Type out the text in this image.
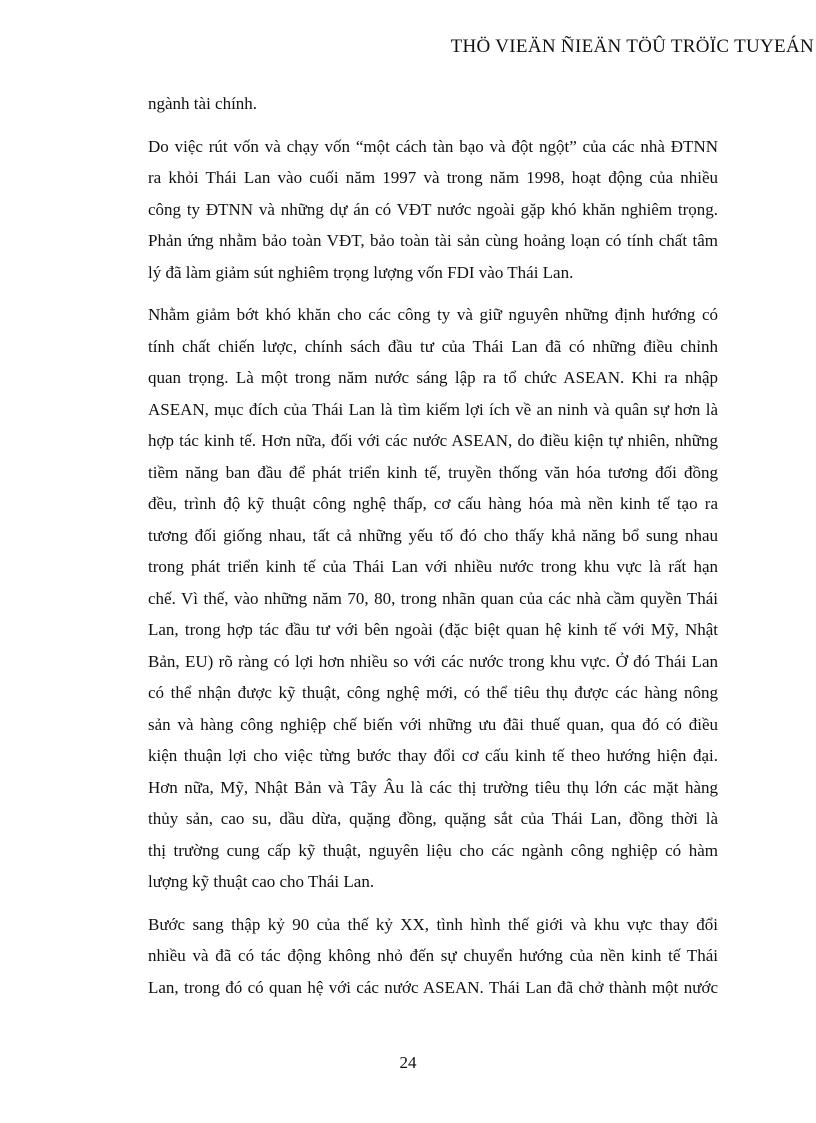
THÖ VIEÄN ÑIEÄN TÖÛ TRÖÏC TUYEÁN

ngành tài chính.

Do việc rút vốn và chạy vốn “một cách tàn bạo và đột ngột” của các nhà ĐTNN
ra khỏi Thái Lan vào cuối năm 1997 và trong năm 1998, hoạt động của nhiều
công ty ĐTNN và những dự án có VĐT nước ngoài gặp khó khăn nghiêm trọng.
Phản ứng nhằm bảo toàn VĐT, bảo toàn tài sản cùng hoảng loạn có tính chất tâm
lý đã làm giảm sút nghiêm trọng lượng vốn FDI vào Thái Lan.

Nhằm giảm bớt khó khăn cho các công ty và giữ nguyên những định hướng có
tính chất chiến lược, chính sách đầu tư của Thái Lan đã có những điều chỉnh
quan trọng. Là một trong năm nước sáng lập ra tổ chức ASEAN. Khi ra nhập
ASEAN, mục đích của Thái Lan là tìm kiếm lợi ích về an ninh và quân sự hơn là
hợp tác kinh tế. Hơn nữa, đối với các nước ASEAN, do điều kiện tự nhiên, những
tiềm năng ban đầu để phát triển kinh tế, truyền thống văn hóa tương đối đồng
đều, trình độ kỹ thuật công nghệ thấp, cơ cấu hàng hóa mà nền kinh tế tạo ra
tương đối giống nhau, tất cả những yếu tố đó cho thấy khả năng bổ sung nhau
trong phát triển kinh tế của Thái Lan với nhiều nước trong khu vực là rất hạn
chế. Vì thế, vào những năm 70, 80, trong nhãn quan của các nhà cầm quyền Thái
Lan, trong hợp tác đầu tư với bên ngoài (đặc biệt quan hệ kinh tế với Mỹ, Nhật
Bản, EU) rõ ràng có lợi hơn nhiều so với các nước trong khu vực. Ở đó Thái Lan
có thể nhận được kỹ thuật, công nghệ mới, có thể tiêu thụ được các hàng nông
sản và hàng công nghiệp chế biến với những ưu đãi thuế quan, qua đó có điều
kiện thuận lợi cho việc từng bước thay đổi cơ cấu kinh tế theo hướng hiện đại.
Hơn nữa, Mỹ, Nhật Bản và Tây Âu là các thị trường tiêu thụ lớn các mặt hàng
thủy sản, cao su, dầu dừa, quặng đồng, quặng sắt của Thái Lan, đồng thời là
thị trường cung cấp kỹ thuật, nguyên liệu cho các ngành công nghiệp có hàm
lượng kỹ thuật cao cho Thái Lan.

Bước sang thập kỷ 90 của thế kỷ XX, tình hình thế giới và khu vực thay đổi
nhiều và đã có tác động không nhỏ đến sự chuyển hướng của nền kinh tế Thái
Lan, trong đó có quan hệ với các nước ASEAN. Thái Lan đã chở thành một nước

24
